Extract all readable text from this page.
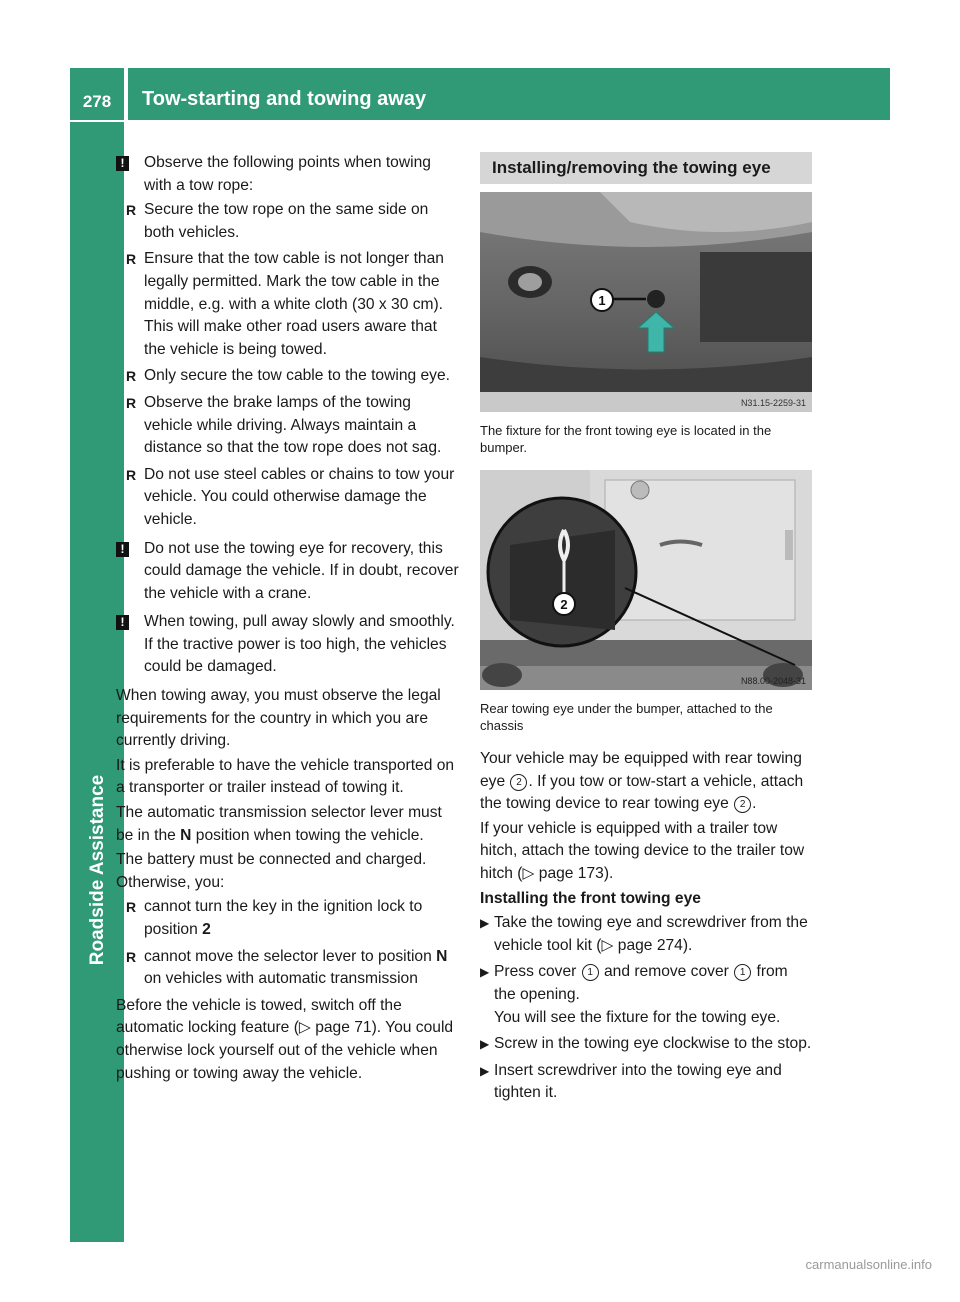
278	Tow-starting and towing away
Roadside Assistance
! Observe the following points when towing with a tow rope:

R Secure the tow rope on the same side on both vehicles.
R Ensure that the tow cable is not longer than legally permitted. Mark the tow cable in the middle, e.g. with a white cloth (30 x 30 cm). This will make other road users aware that the vehicle is being towed.
R Only secure the tow cable to the towing eye.
R Observe the brake lamps of the towing vehicle while driving. Always maintain a distance so that the tow rope does not sag.
R Do not use steel cables or chains to tow your vehicle. You could otherwise damage the vehicle.
! Do not use the towing eye for recovery, this could damage the vehicle. If in doubt, recover the vehicle with a crane.
! When towing, pull away slowly and smoothly. If the tractive power is too high, the vehicles could be damaged.

When towing away, you must observe the legal requirements for the country in which you are currently driving.

It is preferable to have the vehicle transported on a transporter or trailer instead of towing it.

The automatic transmission selector lever must be in the N position when towing the vehicle.

The battery must be connected and charged. Otherwise, you:

R cannot turn the key in the ignition lock to position 2
R cannot move the selector lever to position N on vehicles with automatic transmission

Before the vehicle is towed, switch off the automatic locking feature (▷ page 71). You could otherwise lock yourself out of the vehicle when pushing or towing away the vehicle.

Installing/removing the towing eye
1
N31.15-2259-31
The fixture for the front towing eye is located in the bumper.
2
N88.00-2048-31
Rear towing eye under the bumper, attached to the chassis

Your vehicle may be equipped with rear towing eye 2 . If you tow or tow-start a vehicle, attach the towing device to rear towing eye 2 .

If your vehicle is equipped with a trailer tow hitch, attach the towing device to the trailer tow hitch (▷ page 173).

Installing the front towing eye

▶ Take the towing eye and screwdriver from the vehicle tool kit (▷ page 274).
▶ Press cover 1 and remove cover 1 from the opening.
You will see the fixture for the towing eye.
▶ Screw in the towing eye clockwise to the stop.
▶ Insert screwdriver into the towing eye and tighten it.
carmanualsonline.info
